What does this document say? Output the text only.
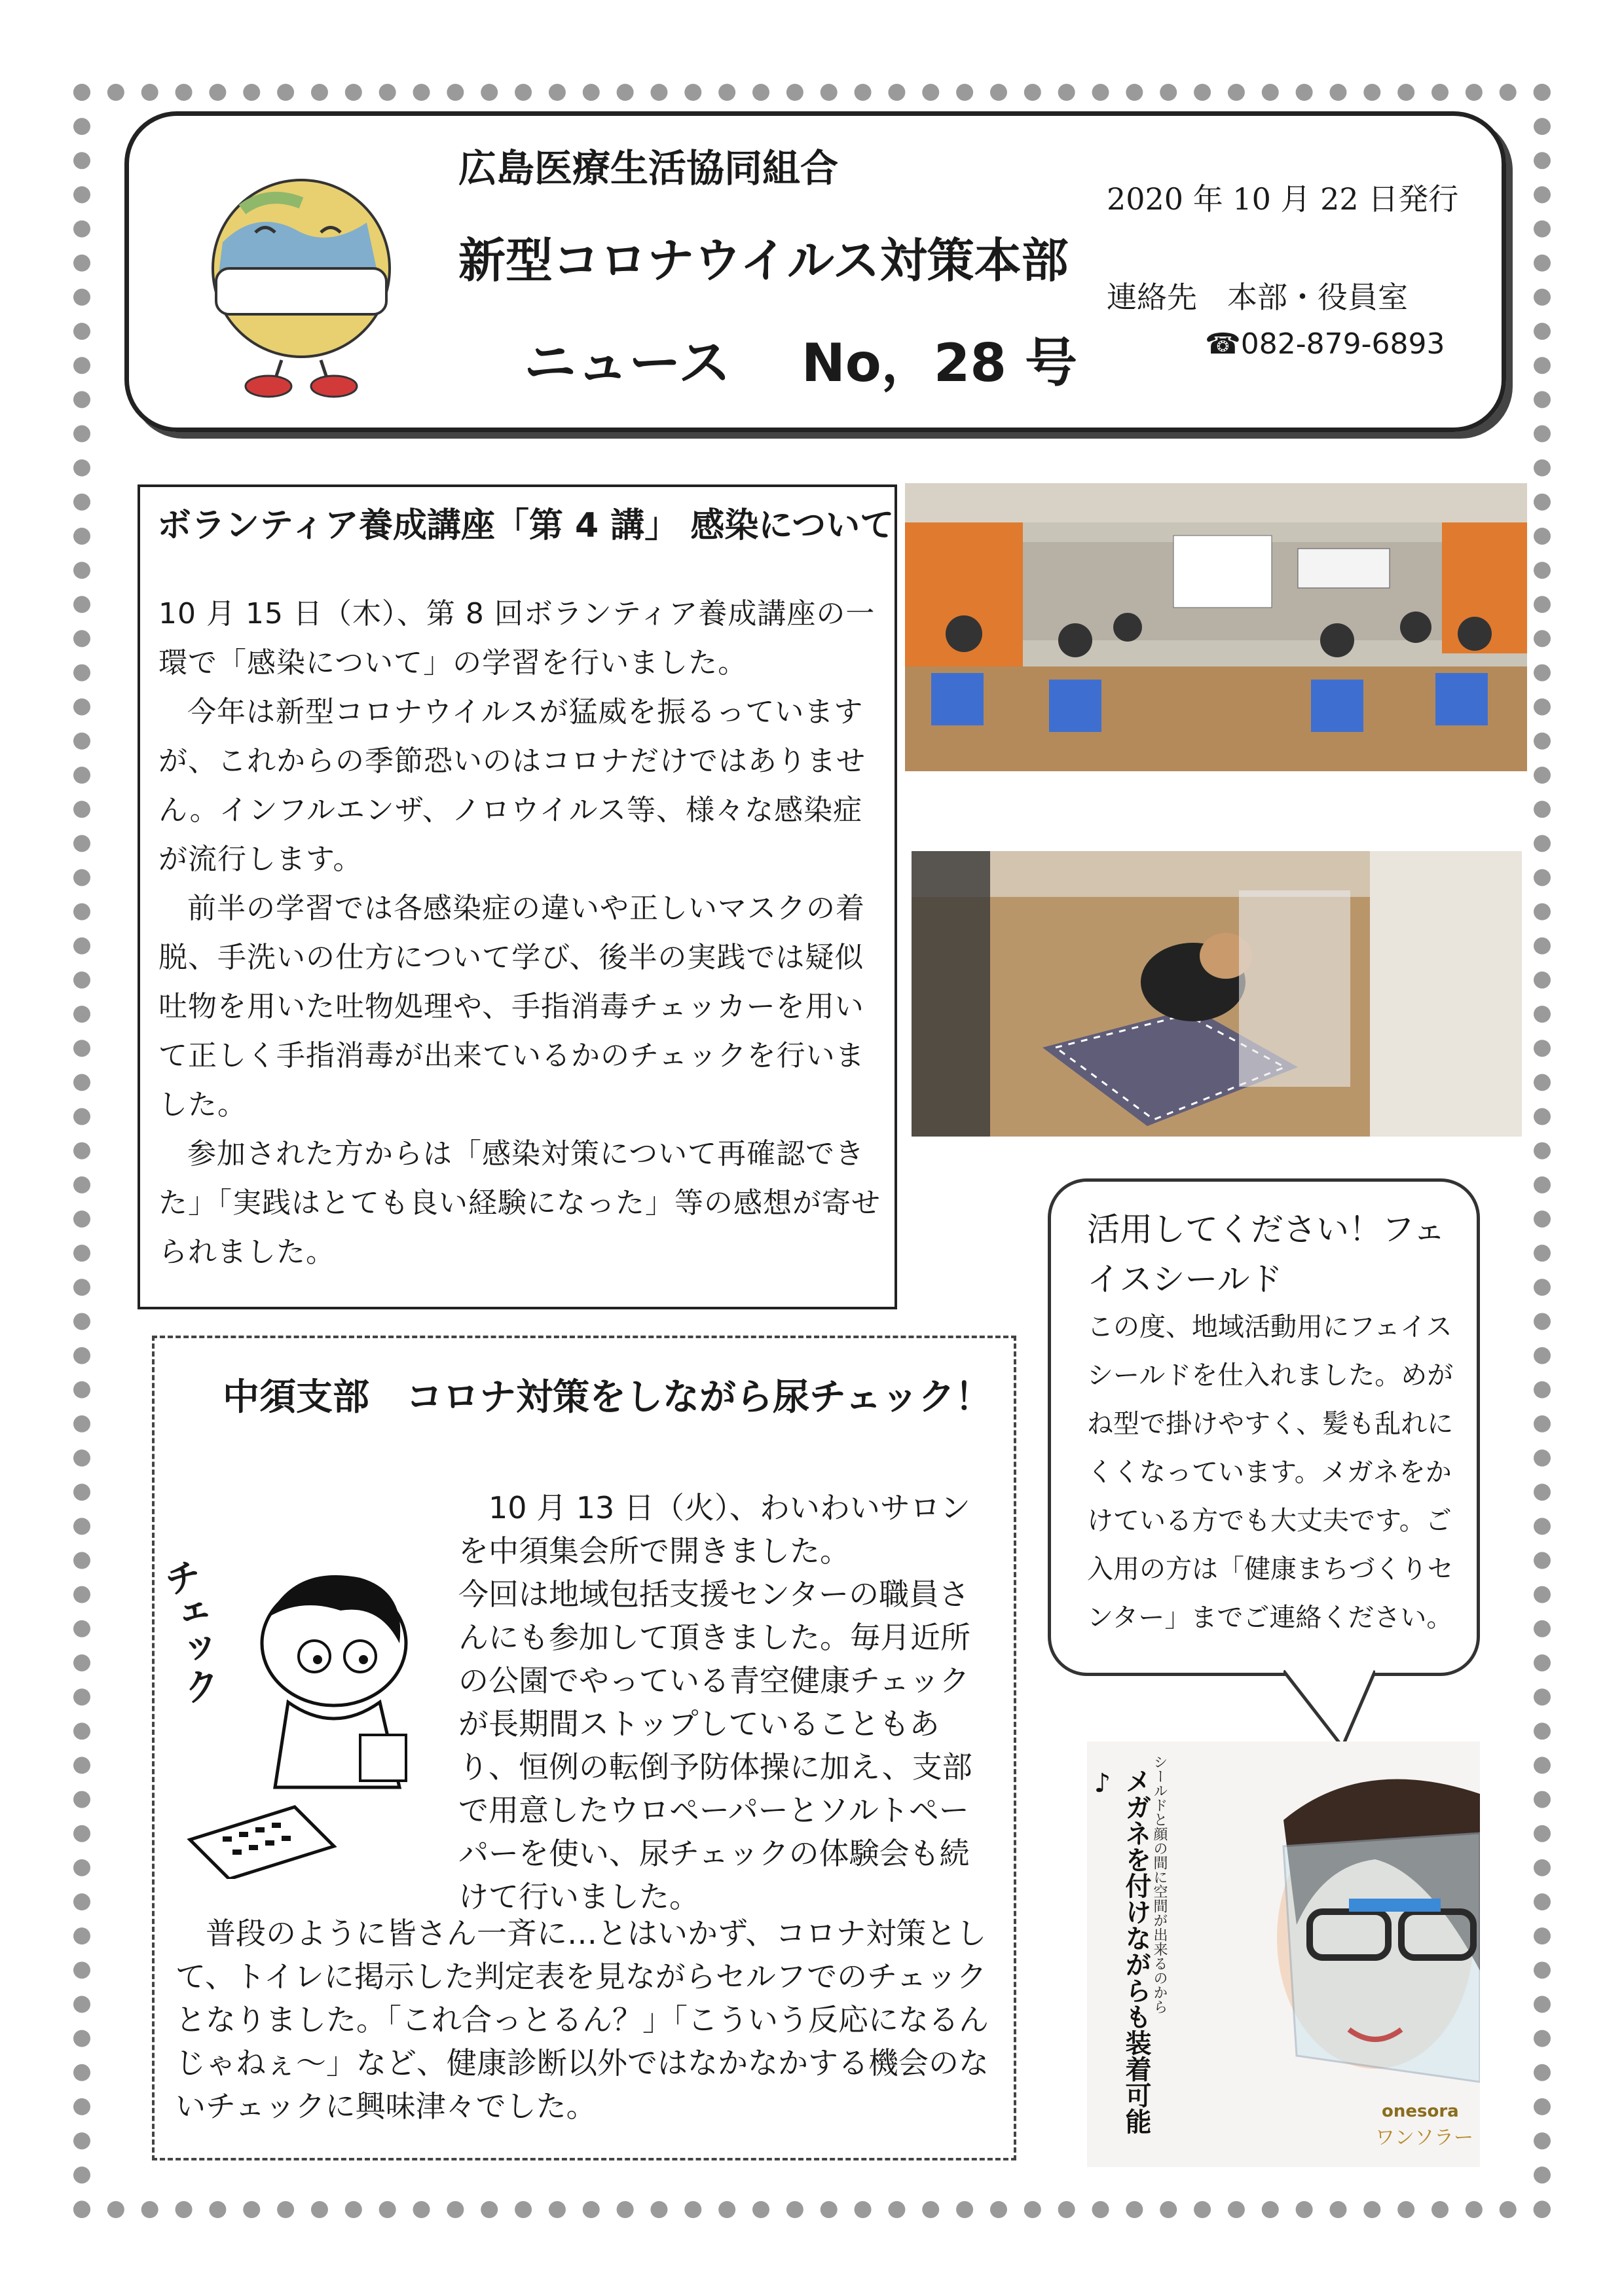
広島医療生活協同組合
新型コロナウイルス対策本部
ニュース　 No，28 号
2020 年 10 月 22 日発行
連絡先　本部・役員室
☎082-879-6893
ボランティア養成講座「第 4 講」 感染について

10 月 15 日（木）、第 8 回ボランティア養成講座の一環で「感染について」の学習を行いました。

今年は新型コロナウイルスが猛威を振るっていますが、これからの季節恐いのはコロナだけではありません。インフルエンザ、ノロウイルス等、様々な感染症が流行します。

前半の学習では各感染症の違いや正しいマスクの着脱、手洗いの仕方について学び、後半の実践では疑似吐物を用いた吐物処理や、手指消毒チェッカーを用いて正しく手指消毒が出来ているかのチェックを行いました。

参加された方からは「感染対策について再確認できた」「実践はとても良い経験になった」等の感想が寄せられました。

中須支部　コロナ対策をしながら尿チェック！
チェック

10 月 13 日（火）、わいわいサロンを中須集会所で開きました。

今回は地域包括支援センターの職員さんにも参加して頂きました。毎月近所の公園でやっている青空健康チェックが長期間ストップしていることもあり、恒例の転倒予防体操に加え、支部で用意したウロペーパーとソルトペーパーを使い、尿チェックの体験会も続けて行いました。

普段のように皆さん一斉に…とはいかず、コロナ対策として、トイレに掲示した判定表を見ながらセルフでのチェックとなりました。「これ合っとるん？」「こういう反応になるんじゃねぇ～」など、健康診断以外ではなかなかする機会のないチェックに興味津々でした。

活用してください！フェイスシールド
この度、地域活動用にフェイスシールドを仕入れました。めがね型で掛けやすく、髪も乱れにくくなっています。メガネをかけている方でも大丈夫です。ご入用の方は「健康まちづくりセンター」までご連絡ください。
メガネを付けながらも装着可能♪	シールドと顔の間に空間が出来るのから
onesora
ワンソラー
